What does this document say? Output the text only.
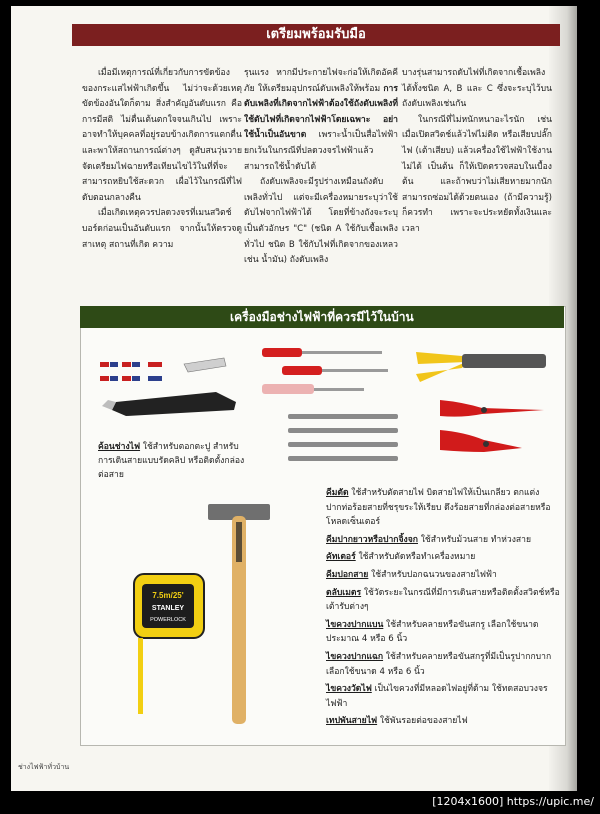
เตรียมพร้อมรับมือ

เมื่อมีเหตุการณ์ที่เกี่ยวกับการขัดข้องของกระแสไฟฟ้าเกิดขึ้น ไม่ว่าจะด้วยเหตุขัดข้องอันใดก็ตาม สิ่งสำคัญอันดับแรก คือ การมีสติ ไม่ตื่นเต้นตกใจจนเกินไป เพราะอาจทำให้บุคคลที่อยู่รอบข้างเกิดการแตกตื่นและพาให้สถานการณ์ต่างๆ ดูสับสนวุ่นวาย จัดเตรียมไฟฉายหรือเทียนไขไว้ในที่ที่จะสามารถหยิบใช้สะดวก เผื่อไว้ในกรณีที่ไฟดับตอนกลางคืน

เมื่อเกิดเหตุควรปลดวงจรที่เมนสวิตช์บอร์ดก่อนเป็นอันดับแรก จากนั้นให้ตรวจดูสาเหตุ สถานที่เกิด ความ

รุนแรง หากมีประกายไฟจะก่อให้เกิดอัคคีภัย ให้เตรียมอุปกรณ์ดับเพลิงให้พร้อม การดับเพลิงที่เกิดจากไฟฟ้าต้องใช้ถังดับเพลิงที่ใช้ดับไฟที่เกิดจากไฟฟ้าโดยเฉพาะ อย่าใช้น้ำเป็นอันขาด เพราะน้ำเป็นสื่อไฟฟ้า ยกเว้นในกรณีที่ปลดวงจรไฟฟ้าแล้วสามารถใช้น้ำดับได้

ถังดับเพลิงจะมีรูปร่างเหมือนถังดับเพลิงทั่วไป แต่จะมีเครื่องหมายระบุว่าใช้ดับไฟจากไฟฟ้าได้ โดยที่ข้างถังจะระบุเป็นตัวอักษร "C" (ชนิด A ใช้กับเชื้อเพลิงทั่วไป ชนิด B ใช้กับไฟที่เกิดจากของเหลว เช่น น้ำมัน) ถังดับเพลิง

บางรุ่นสามารถดับไฟที่เกิดจากเชื้อเพลิงได้ทั้งชนิด A, B และ C ซึ่งจะระบุไว้บนถังดับเพลิงเช่นกัน

ในกรณีที่ไม่หนักหนาอะไรนัก เช่น เมื่อเปิดสวิตช์แล้วไฟไม่ติด หรือเสียบปลั๊กไฟ (เต้าเสียบ) แล้วเครื่องใช้ไฟฟ้าใช้งานไม่ได้ เป็นต้น ก็ให้เปิดตรวจสอบในเบื้องต้น และถ้าพบว่าไม่เสียหายมากนัก สามารถซ่อมได้ด้วยตนเอง (ถ้ามีความรู้) ก็ควรทำ เพราะจะประหยัดทั้งเงินและเวลา

เครื่องมือช่างไฟฟ้าที่ควรมีไว้ในบ้าน
ค้อนช่างไฟ ใช้สำหรับตอกตะปู สำหรับการเดินสายแบบรัดคลิป หรือติดตั้งกล่องต่อสาย
7.5m/25'
STANLEY
POWERLOCK

คีมตัด ใช้สำหรับตัดสายไฟ บิดสายไฟให้เป็นเกลียว ตกแต่งปากท่อร้อยสายที่ชรุขระให้เรียบ ดึงร้อยสายที่กล่องต่อสายหรือโหลดเซ็นเตอร์

คีมปากยาวหรือปากจิ้งจก ใช้สำหรับม้วนสาย ทำห่วงสาย

คัทเตอร์ ใช้สำหรับตัดหรือทำเครื่องหมาย

คีมปอกสาย ใช้สำหรับปอกฉนวนของสายไฟฟ้า

ตลับเมตร ใช้วัดระยะในกรณีที่มีการเดินสายหรือติดตั้งสวิตช์หรือเต้ารับต่างๆ

ไขควงปากแบน ใช้สำหรับคลายหรือขันสกรู เลือกใช้ขนาดประมาณ 4 หรือ 6 นิ้ว

ไขควงปากแฉก ใช้สำหรับคลายหรือขันสกรูที่มีเป็นรูปากกบากเลือกใช้ขนาด 4 หรือ 6 นิ้ว

ไขควงวัดไฟ เป็นไขควงที่มีหลอดไฟอยู่ที่ด้าม ใช้ทดสอบวงจรไฟฟ้า

เทปพันสายไฟ ใช้พันรอยต่อของสายไฟ

ช่างไฟฟ้าทั่วบ้าน
[1204x1600] https://upic.me/
